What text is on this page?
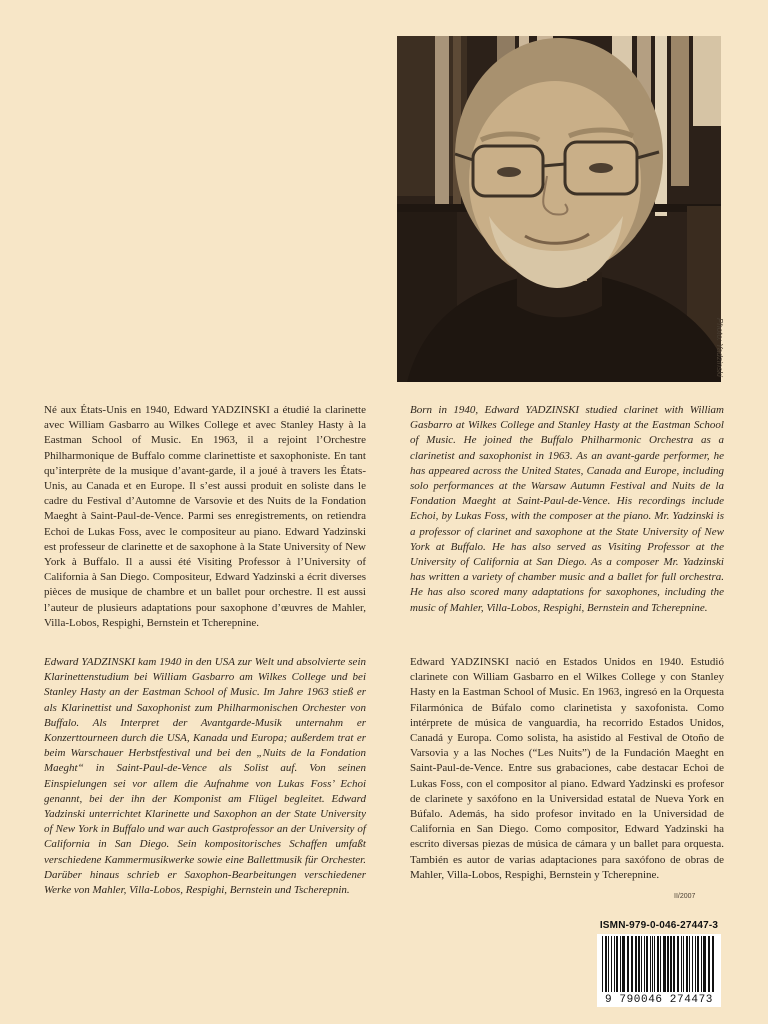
Photo: Yadzinski

Né aux États-Unis en 1940, Edward YADZINSKI a étudié la clarinette avec William Gasbarro au Wilkes College et avec Stanley Hasty à la Eastman School of Music. En 1963, il a rejoint l’Orchestre Philharmonique de Buffalo comme clarinettiste et saxophoniste. En tant qu’interprète de la musique d’avant-garde, il a joué à travers les États-Unis, au Canada et en Europe. Il s’est aussi produit en soliste dans le cadre du Festival d’Automne de Varsovie et des Nuits de la Fondation Maeght à Saint-Paul-de-Vence. Parmi ses enregistrements, on retiendra Echoi de Lukas Foss, avec le compositeur au piano. Edward Yadzinski est professeur de clarinette et de saxophone à la State University of New York à Buffalo. Il a aussi été Visiting Professor à l’University of California à San Diego. Compositeur, Edward Yadzinski a écrit diverses pièces de musique de chambre et un ballet pour orchestre. Il est aussi l’auteur de plusieurs adaptations pour saxophone d’œuvres de Mahler, Villa-Lobos, Respighi, Bernstein et Tcherepnine.

Born in 1940, Edward YADZINSKI studied clarinet with William Gasbarro at Wilkes College and Stanley Hasty at the Eastman School of Music. He joined the Buffalo Philharmonic Orchestra as a clarinetist and saxophonist in 1963. As an avant-garde performer, he has appeared across the United States, Canada and Europe, including solo performances at the Warsaw Autumn Festival and Nuits de la Fondation Maeght at Saint-Paul-de-Vence. His recordings include Echoi, by Lukas Foss, with the composer at the piano. Mr. Yadzinski is a professor of clarinet and saxophone at the State University of New York at Buffalo. He has also served as Visiting Professor at the University of California at San Diego. As a composer Mr. Yadzinski has written a variety of chamber music and a ballet for full orchestra. He has also scored many adaptations for saxophones, including the music of Mahler, Villa-Lobos, Respighi, Bernstein and Tcherepnine.

Edward YADZINSKI kam 1940 in den USA zur Welt und absolvierte sein Klarinettenstudium bei William Gasbarro am Wilkes College und bei Stanley Hasty an der Eastman School of Music. Im Jahre 1963 stieß er als Klarinettist und Saxophonist zum Philharmonischen Orchester von Buffalo. Als Interpret der Avantgarde-Musik unternahm er Konzerttourneen durch die USA, Kanada und Europa; außerdem trat er beim Warschauer Herbstfestival und bei den „Nuits de la Fondation Maeght“ in Saint-Paul-de-Vence als Solist auf. Von seinen Einspielungen sei vor allem die Aufnahme von Lukas Foss’ Echoi genannt, bei der ihn der Komponist am Flügel begleitet. Edward Yadzinski unterrichtet Klarinette und Saxophon an der State University of New York in Buffalo und war auch Gastprofessor an der University of California in San Diego. Sein kompositorisches Schaffen umfaßt verschiedene Kammermusikwerke sowie eine Ballettmusik für Orchester. Darüber hinaus schrieb er Saxophon-Bearbeitungen verschiedener Werke von Mahler, Villa-Lobos, Respighi, Bernstein und Tscherepnin.

Edward YADZINSKI nació en Estados Unidos en 1940. Estudió clarinete con William Gasbarro en el Wilkes College y con Stanley Hasty en la Eastman School of Music. En 1963, ingresó en la Orquesta Filarmónica de Búfalo como clarinetista y saxofonista. Como intérprete de música de vanguardia, ha recorrido Estados Unidos, Canadá y Europa. Como solista, ha asistido al Festival de Otoño de Varsovia y a las Noches (“Les Nuits”) de la Fundación Maeght en Saint-Paul-de-Vence. Entre sus grabaciones, cabe destacar Echoi de Lukas Foss, con el compositor al piano. Edward Yadzinski es profesor de clarinete y saxófono en la Universidad estatal de Nueva York en Búfalo. Además, ha sido profesor invitado en la Universidad de California en San Diego. Como compositor, Edward Yadzinski ha escrito diversas piezas de música de cámara y un ballet para orquesta. También es autor de varias adaptaciones para saxófono de obras de Mahler, Villa-Lobos, Respighi, Bernstein y Tcherepnine.

II/2007
ISMN-979-0-046-27447-3
9 790046 274473
